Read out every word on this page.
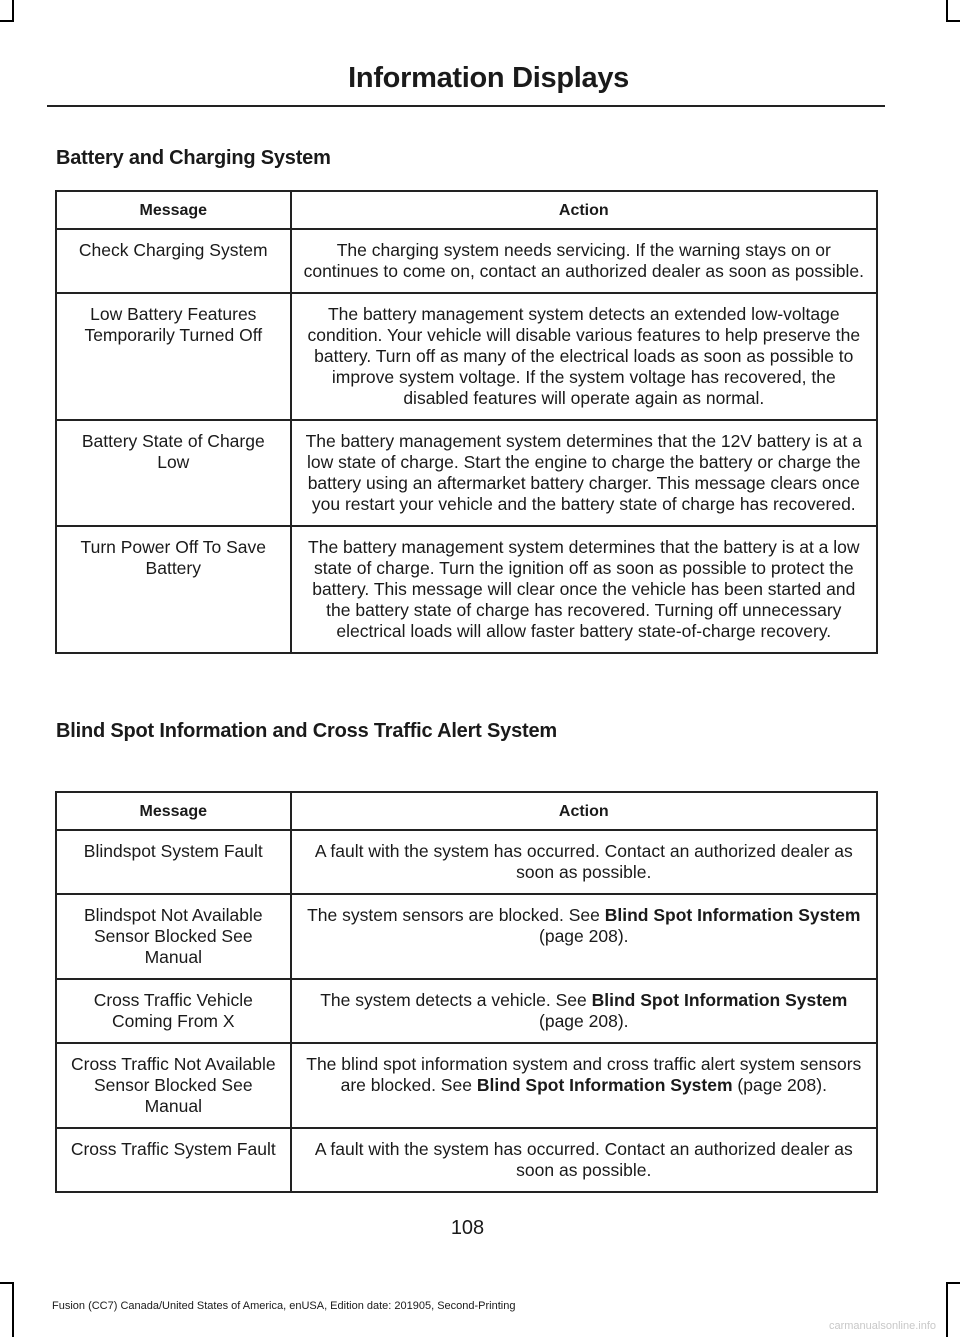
Information Displays
Battery and Charging System
Message	Action
Check Charging System	The charging system needs servicing. If the warning stays on or continues to come on, contact an authorized dealer as soon as possible.
Low Battery Features Temporarily Turned Off	The battery management system detects an extended low-voltage condition. Your vehicle will disable various features to help preserve the battery. Turn off as many of the electrical loads as soon as possible to improve system voltage. If the system voltage has recovered, the disabled features will operate again as normal.
Battery State of Charge Low	The battery management system determines that the 12V battery is at a low state of charge. Start the engine to charge the battery or charge the battery using an aftermarket battery charger. This message clears once you restart your vehicle and the battery state of charge has recovered.
Turn Power Off To Save Battery	The battery management system determines that the battery is at a low state of charge. Turn the ignition off as soon as possible to protect the battery. This message will clear once the vehicle has been started and the battery state of charge has recovered. Turning off unnecessary electrical loads will allow faster battery state-of-charge recovery.
Blind Spot Information and Cross Traffic Alert System
Message	Action
Blindspot System Fault	A fault with the system has occurred. Contact an authorized dealer as soon as possible.
Blindspot Not Available Sensor Blocked See Manual	The system sensors are blocked. See Blind Spot Information System (page 208).
Cross Traffic Vehicle Coming From X	The system detects a vehicle. See Blind Spot Information System (page 208).
Cross Traffic Not Available Sensor Blocked See Manual	The blind spot information system and cross traffic alert system sensors are blocked. See Blind Spot Information System (page 208).
Cross Traffic System Fault	A fault with the system has occurred. Contact an authorized dealer as soon as possible.
108
Fusion (CC7) Canada/United States of America, enUSA, Edition date: 201905, Second-Printing
carmanualsonline.info
